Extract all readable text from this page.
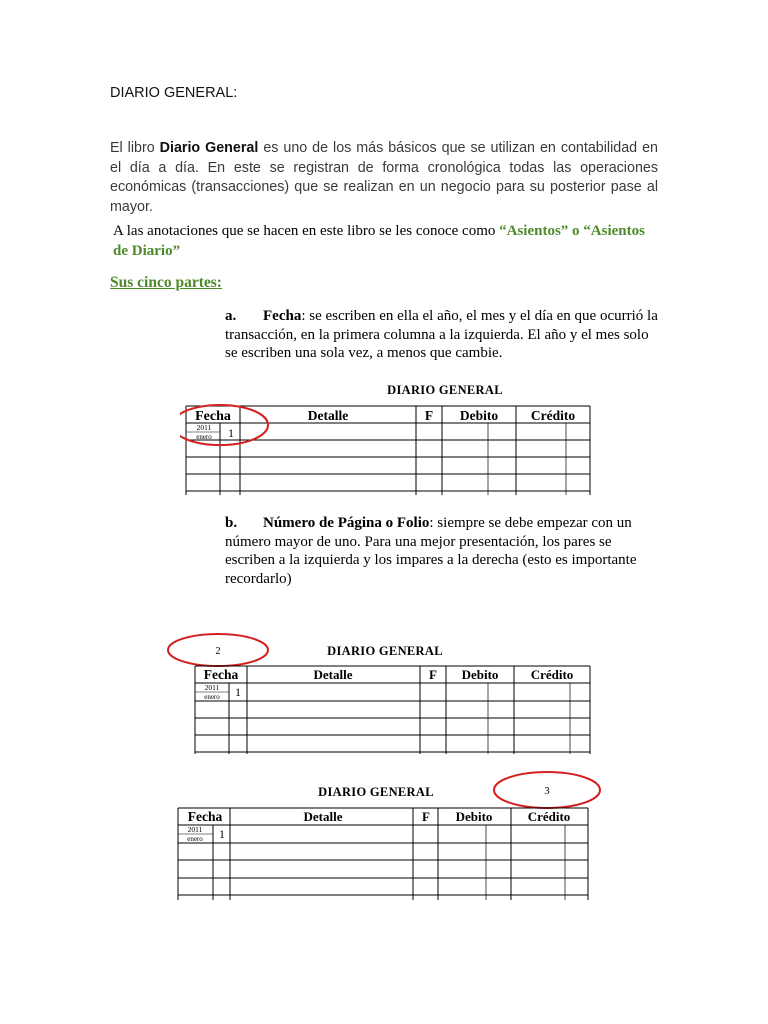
DIARIO GENERAL:
El libro Diario General es uno de los más básicos que se utilizan en contabilidad en el día a día. En este se registran de forma cronológica todas las operaciones económicas (transacciones) que se realizan en un negocio para su posterior pase al mayor.
A las anotaciones que se hacen en este libro se les conoce como “Asientos” o “Asientos de Diario”
Sus cinco partes:
a. Fecha: se escriben en ella el año, el mes y el día en que ocurrió la transacción, en la primera columna a la izquierda. El año y el mes solo se escriben una sola vez, a menos que cambie.
DIARIO GENERAL
Fecha	Detalle	F Debito Crédito
2011
enero 1
b. Número de Página o Folio: siempre se debe empezar con un número mayor de uno. Para una mejor presentación, los pares se escriben a la izquierda y los impares a la derecha (esto es importante recordarlo)
2	DIARIO GENERAL
Fecha	Detalle	F Debito Crédito
2011
enero 1
DIARIO GENERAL	3
Fecha	Detalle	F Debito	Crédito
2011
enero 1
